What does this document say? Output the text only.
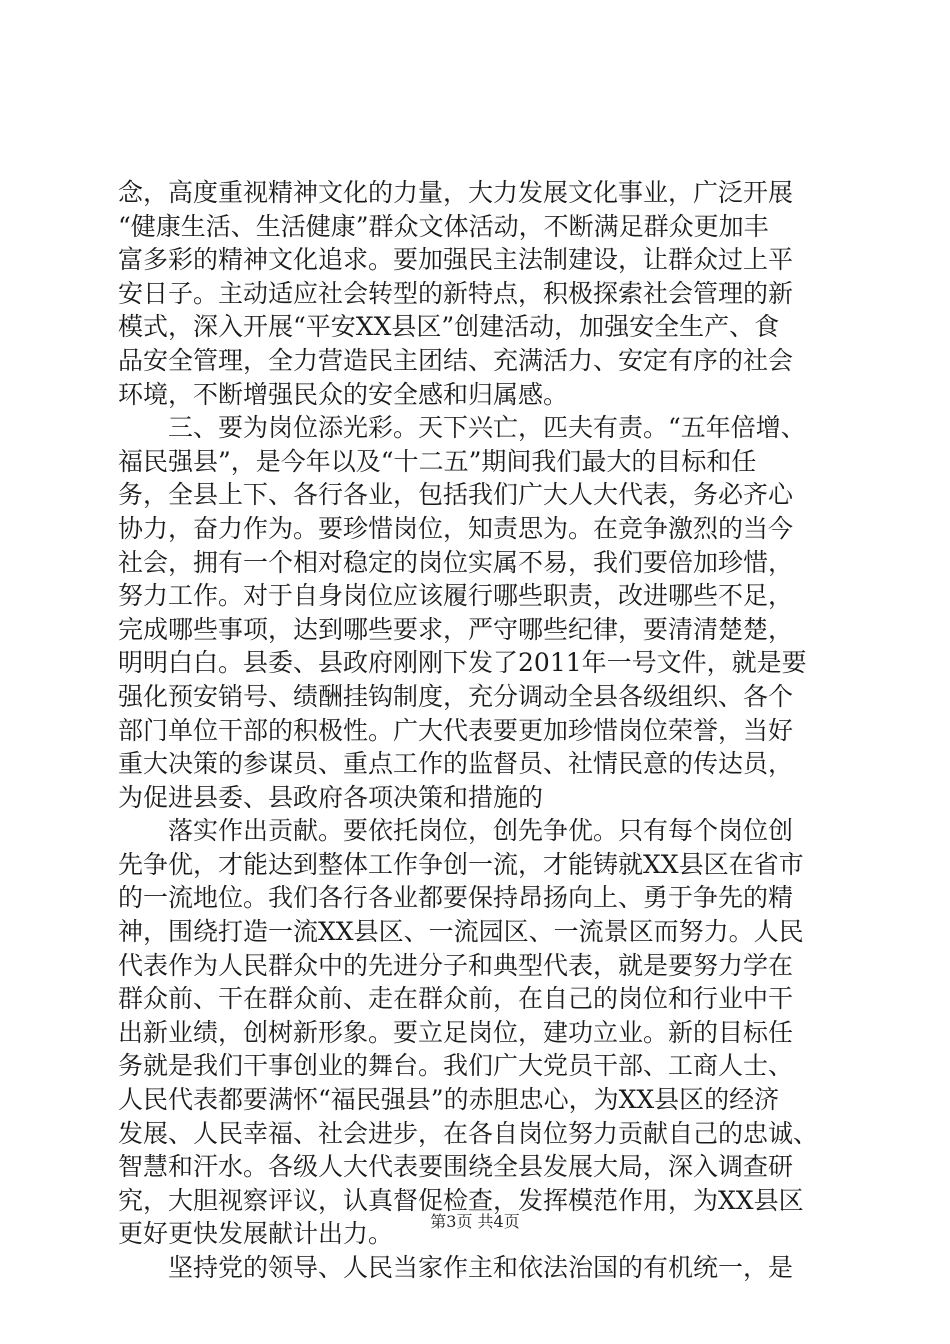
念，高度重视精神文化的力量，大力发展文化事业，广泛开展
“健康生活、生活健康”群众文体活动，不断满足群众更加丰
富多彩的精神文化追求。要加强民主法制建设，让群众过上平
安日子。主动适应社会转型的新特点，积极探索社会管理的新
模式，深入开展“平安XX县区”创建活动，加强安全生产、食
品安全管理，全力营造民主团结、充满活力、安定有序的社会
环境，不断增强民众的安全感和归属感。
　　三、要为岗位添光彩。天下兴亡，匹夫有责。“五年倍增、
福民强县”，是今年以及“十二五”期间我们最大的目标和任
务，全县上下、各行各业，包括我们广大人大代表，务必齐心
协力，奋力作为。要珍惜岗位，知责思为。在竞争激烈的当今
社会，拥有一个相对稳定的岗位实属不易，我们要倍加珍惜，
努力工作。对于自身岗位应该履行哪些职责，改进哪些不足，
完成哪些事项，达到哪些要求，严守哪些纪律，要清清楚楚，
明明白白。县委、县政府刚刚下发了2011年一号文件，就是要
强化预安销号、绩酬挂钩制度，充分调动全县各级组织、各个
部门单位干部的积极性。广大代表要更加珍惜岗位荣誉，当好
重大决策的参谋员、重点工作的监督员、社情民意的传达员，
为促进县委、县政府各项决策和措施的
　　落实作出贡献。要依托岗位，创先争优。只有每个岗位创
先争优，才能达到整体工作争创一流，才能铸就XX县区在省市
的一流地位。我们各行各业都要保持昂扬向上、勇于争先的精
神，围绕打造一流XX县区、一流园区、一流景区而努力。人民
代表作为人民群众中的先进分子和典型代表，就是要努力学在
群众前、干在群众前、走在群众前，在自己的岗位和行业中干
出新业绩，创树新形象。要立足岗位，建功立业。新的目标任
务就是我们干事创业的舞台。我们广大党员干部、工商人士、
人民代表都要满怀“福民强县”的赤胆忠心，为XX县区的经济
发展、人民幸福、社会进步，在各自岗位努力贡献自己的忠诚、
智慧和汗水。各级人大代表要围绕全县发展大局，深入调查研
究，大胆视察评议，认真督促检查，发挥模范作用，为XX县区
更好更快发展献计出力。
　　坚持党的领导、人民当家作主和依法治国的有机统一，是
第3页 共4页
